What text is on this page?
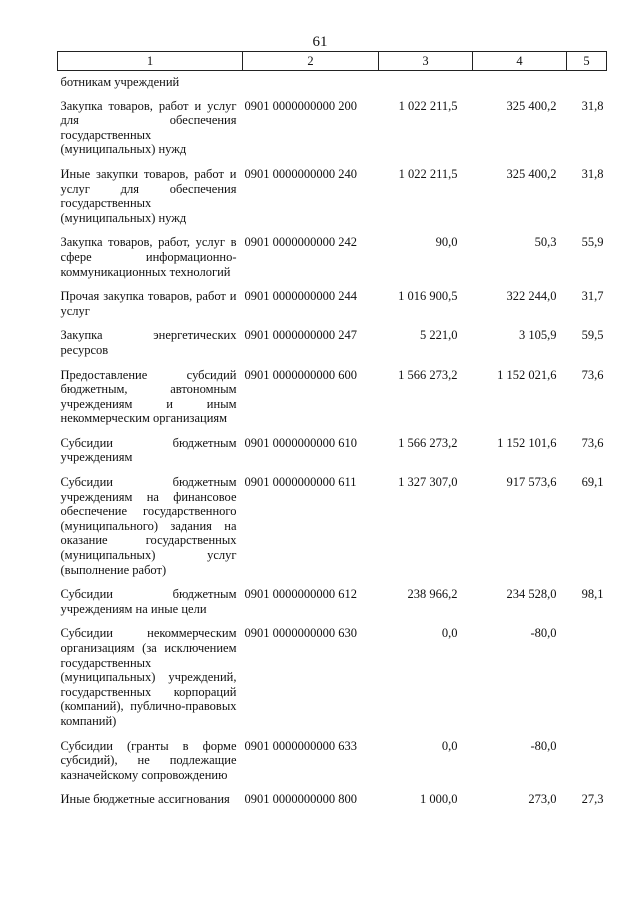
61
1	2	3	4	5
ботникам учреждений				
Закупка товаров, работ и услуг для обеспечения государственных (муниципальных) нужд	0901 0000000000 200	1 022 211,5	325 400,2	31,8
Иные закупки товаров, работ и услуг для обеспечения государственных (муниципальных) нужд	0901 0000000000 240	1 022 211,5	325 400,2	31,8
Закупка товаров, работ, услуг в сфере информационно-коммуникационных технологий	0901 0000000000 242	90,0	50,3	55,9
Прочая закупка товаров, работ и услуг	0901 0000000000 244	1 016 900,5	322 244,0	31,7
Закупка энергетических ресурсов	0901 0000000000 247	5 221,0	3 105,9	59,5
Предоставление субсидий бюджетным, автономным учреждениям и иным некоммерческим организациям	0901 0000000000 600	1 566 273,2	1 152 021,6	73,6
Субсидии бюджетным учреждениям	0901 0000000000 610	1 566 273,2	1 152 101,6	73,6
Субсидии бюджетным учреждениям на финансовое обеспечение государственного (муниципального) задания на оказание государственных (муниципальных) услуг (выполнение работ)	0901 0000000000 611	1 327 307,0	917 573,6	69,1
Субсидии бюджетным учреждениям на иные цели	0901 0000000000 612	238 966,2	234 528,0	98,1
Субсидии некоммерческим организациям (за исключением государственных (муниципальных) учреждений, государственных корпораций (компаний), публично-правовых компаний)	0901 0000000000 630	0,0	-80,0	
Субсидии (гранты в форме субсидий), не подлежащие казначейскому сопровождению	0901 0000000000 633	0,0	-80,0	
Иные бюджетные ассигнования	0901 0000000000 800	1 000,0	273,0	27,3
